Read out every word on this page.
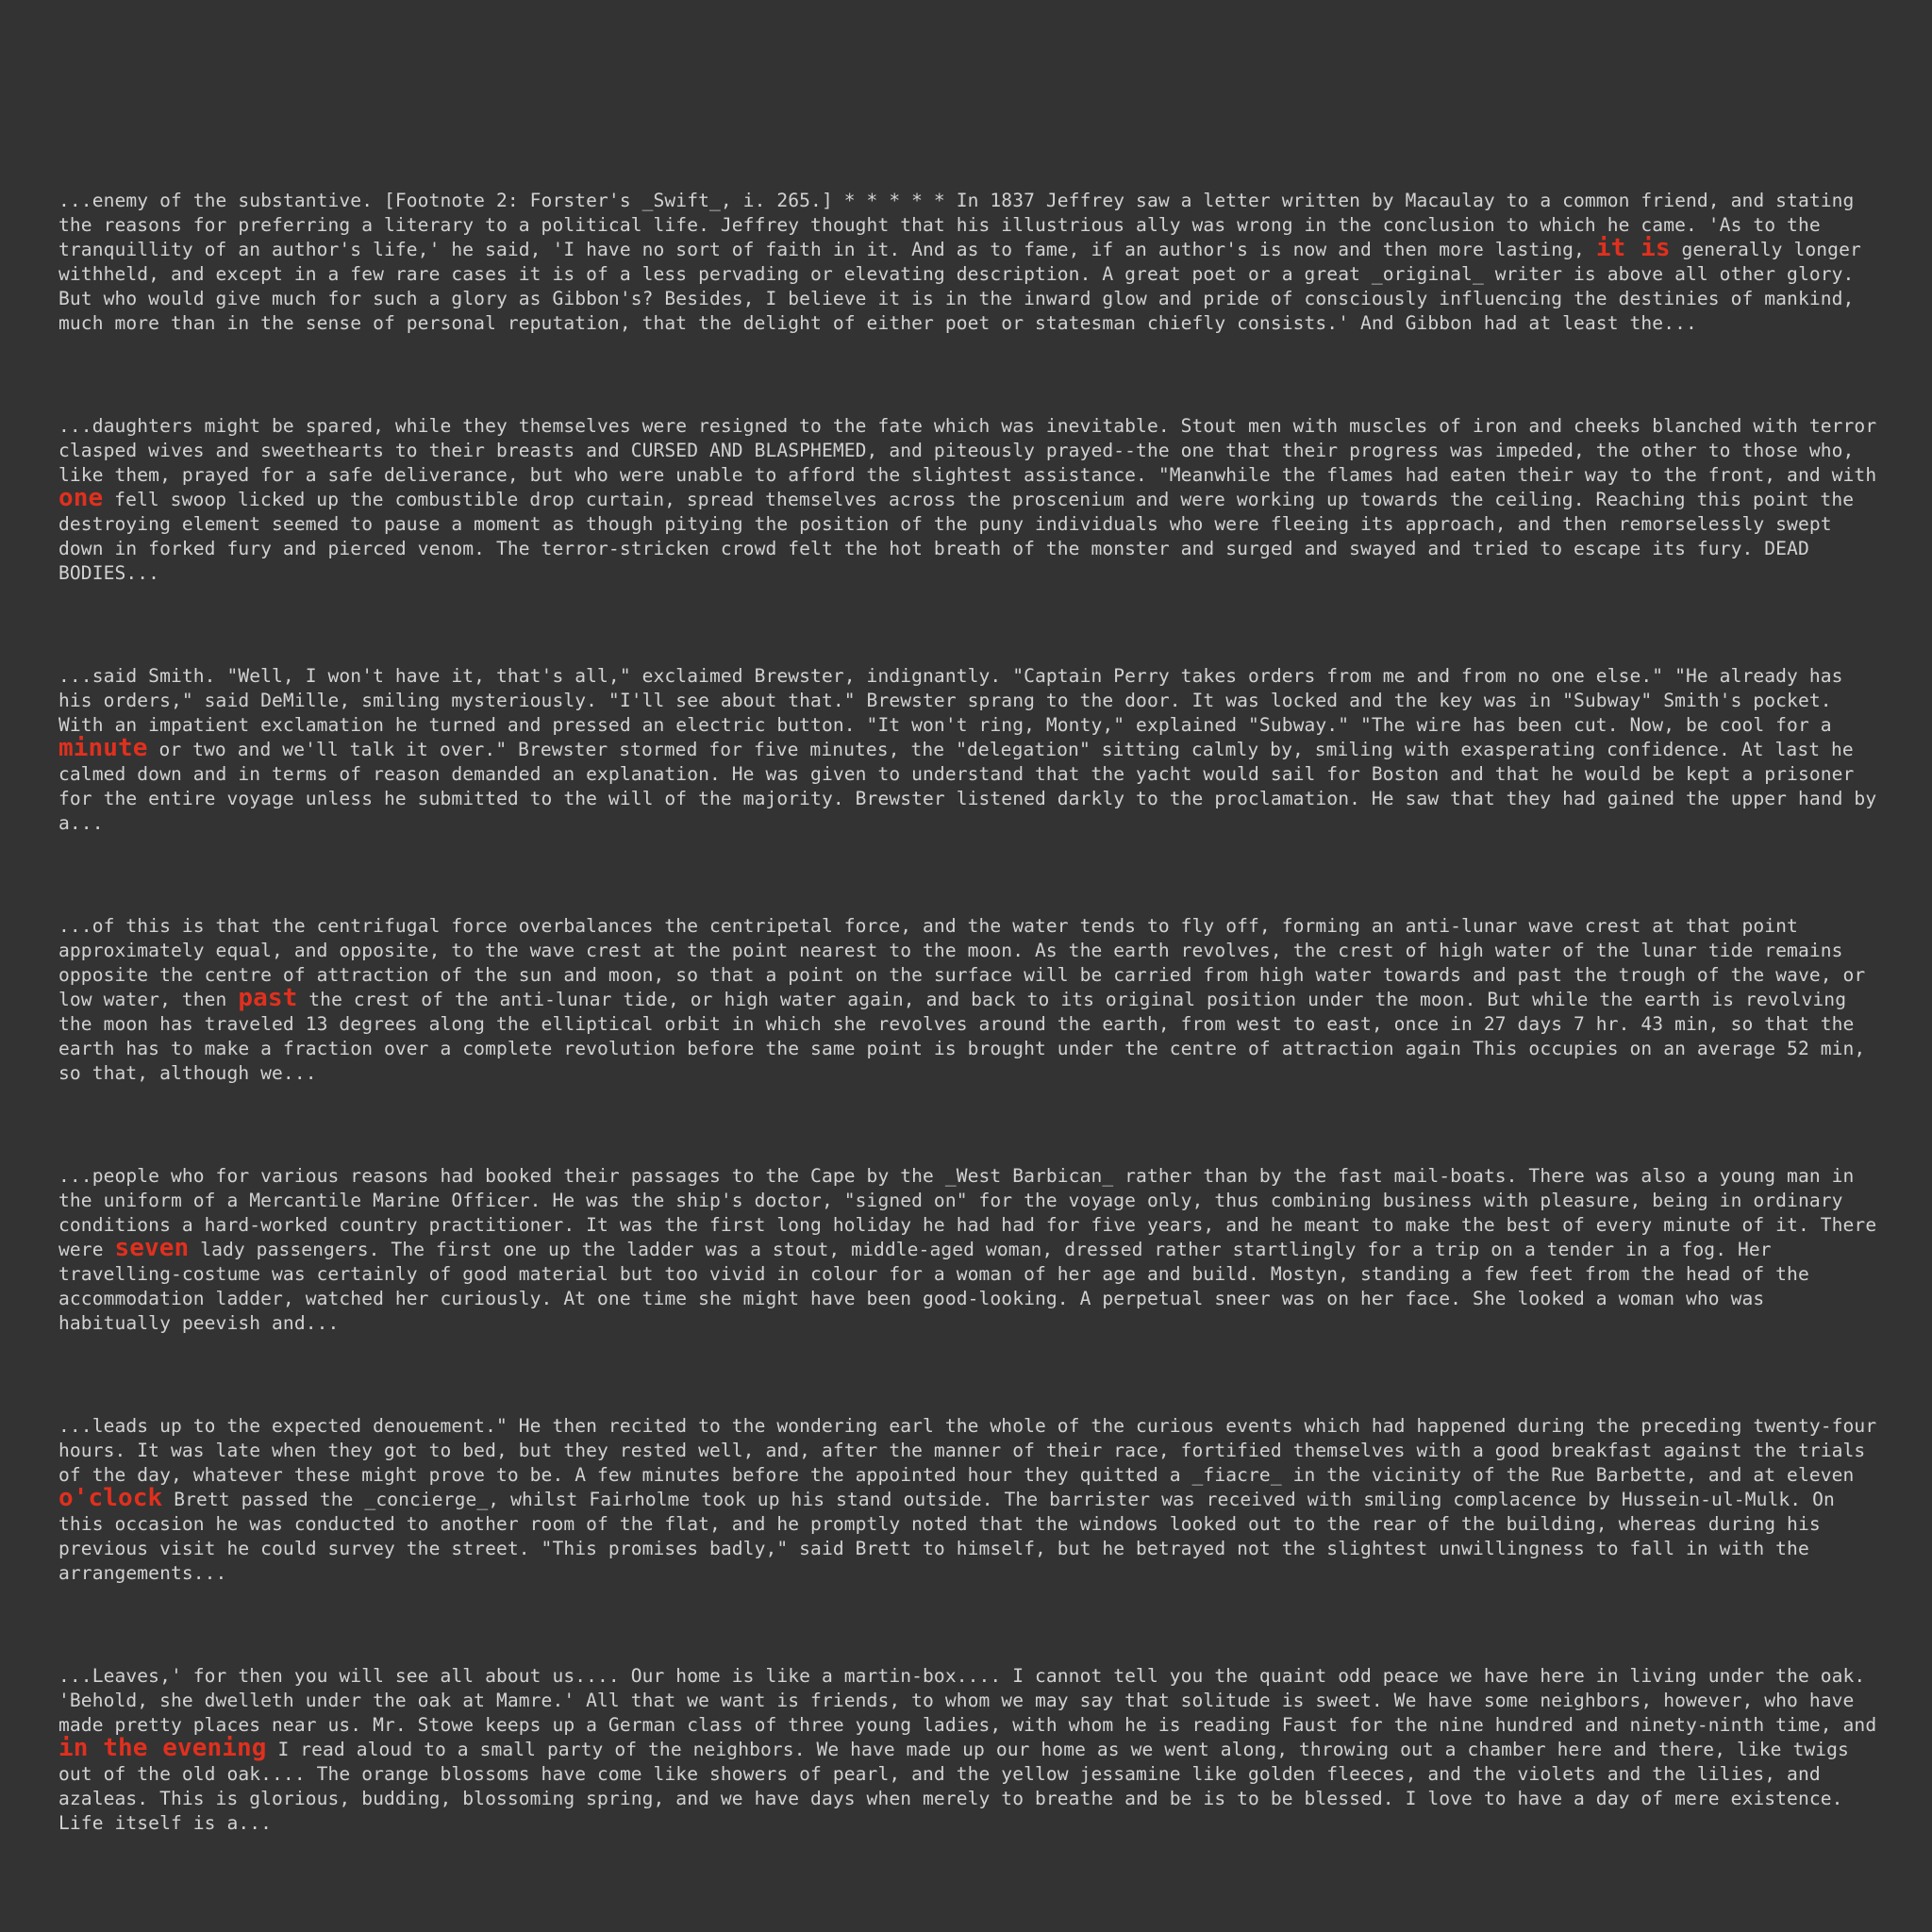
...enemy of the substantive. [Footnote 2: Forster's _Swift_, i. 265.] * * * * * In 1837 Jeffrey saw a letter written by Macaulay to a common friend, and stating the reasons for preferring a literary to a political life. Jeffrey thought that his illustrious ally was wrong in the conclusion to which he came. 'As to the tranquillity of an author's life,' he said, 'I have no sort of faith in it. And as to fame, if an author's is now and then more lasting, it is generally longer withheld, and except in a few rare cases it is of a less pervading or elevating description. A great poet or a great _original_ writer is above all other glory. But who would give much for such a glory as Gibbon's? Besides, I believe it is in the inward glow and pride of consciously influencing the destinies of mankind, much more than in the sense of personal reputation, that the delight of either poet or statesman chiefly consists.' And Gibbon had at least the...

...daughters might be spared, while they themselves were resigned to the fate which was inevitable. Stout men with muscles of iron and cheeks blanched with terror clasped wives and sweethearts to their breasts and CURSED AND BLASPHEMED, and piteously prayed--the one that their progress was impeded, the other to those who, like them, prayed for a safe deliverance, but who were unable to afford the slightest assistance. "Meanwhile the flames had eaten their way to the front, and with one fell swoop licked up the combustible drop curtain, spread themselves across the proscenium and were working up towards the ceiling. Reaching this point the destroying element seemed to pause a moment as though pitying the position of the puny individuals who were fleeing its approach, and then remorselessly swept down in forked fury and pierced venom. The terror-stricken crowd felt the hot breath of the monster and surged and swayed and tried to escape its fury. DEAD BODIES...

...said Smith. "Well, I won't have it, that's all," exclaimed Brewster, indignantly. "Captain Perry takes orders from me and from no one else." "He already has his orders," said DeMille, smiling mysteriously. "I'll see about that." Brewster sprang to the door. It was locked and the key was in "Subway" Smith's pocket. With an impatient exclamation he turned and pressed an electric button. "It won't ring, Monty," explained "Subway." "The wire has been cut. Now, be cool for a minute or two and we'll talk it over." Brewster stormed for five minutes, the "delegation" sitting calmly by, smiling with exasperating confidence. At last he calmed down and in terms of reason demanded an explanation. He was given to understand that the yacht would sail for Boston and that he would be kept a prisoner for the entire voyage unless he submitted to the will of the majority. Brewster listened darkly to the proclamation. He saw that they had gained the upper hand by a...

...of this is that the centrifugal force overbalances the centripetal force, and the water tends to fly off, forming an anti-lunar wave crest at that point approximately equal, and opposite, to the wave crest at the point nearest to the moon. As the earth revolves, the crest of high water of the lunar tide remains opposite the centre of attraction of the sun and moon, so that a point on the surface will be carried from high water towards and past the trough of the wave, or low water, then past the crest of the anti-lunar tide, or high water again, and back to its original position under the moon. But while the earth is revolving the moon has traveled 13 degrees along the elliptical orbit in which she revolves around the earth, from west to east, once in 27 days 7 hr. 43 min, so that the earth has to make a fraction over a complete revolution before the same point is brought under the centre of attraction again This occupies on an average 52 min, so that, although we...

...people who for various reasons had booked their passages to the Cape by the _West Barbican_ rather than by the fast mail-boats. There was also a young man in the uniform of a Mercantile Marine Officer. He was the ship's doctor, "signed on" for the voyage only, thus combining business with pleasure, being in ordinary conditions a hard-worked country practitioner. It was the first long holiday he had had for five years, and he meant to make the best of every minute of it. There were seven lady passengers. The first one up the ladder was a stout, middle-aged woman, dressed rather startlingly for a trip on a tender in a fog. Her travelling-costume was certainly of good material but too vivid in colour for a woman of her age and build. Mostyn, standing a few feet from the head of the accommodation ladder, watched her curiously. At one time she might have been good-looking. A perpetual sneer was on her face. She looked a woman who was habitually peevish and...

...leads up to the expected denouement." He then recited to the wondering earl the whole of the curious events which had happened during the preceding twenty-four hours. It was late when they got to bed, but they rested well, and, after the manner of their race, fortified themselves with a good breakfast against the trials of the day, whatever these might prove to be. A few minutes before the appointed hour they quitted a _fiacre_ in the vicinity of the Rue Barbette, and at eleven o'clock Brett passed the _concierge_, whilst Fairholme took up his stand outside. The barrister was received with smiling complacence by Hussein-ul-Mulk. On this occasion he was conducted to another room of the flat, and he promptly noted that the windows looked out to the rear of the building, whereas during his previous visit he could survey the street. "This promises badly," said Brett to himself, but he betrayed not the slightest unwillingness to fall in with the arrangements...

...Leaves,' for then you will see all about us.... Our home is like a martin-box.... I cannot tell you the quaint odd peace we have here in living under the oak. 'Behold, she dwelleth under the oak at Mamre.' All that we want is friends, to whom we may say that solitude is sweet. We have some neighbors, however, who have made pretty places near us. Mr. Stowe keeps up a German class of three young ladies, with whom he is reading Faust for the nine hundred and ninety-ninth time, and in the evening I read aloud to a small party of the neighbors. We have made up our home as we went along, throwing out a chamber here and there, like twigs out of the old oak.... The orange blossoms have come like showers of pearl, and the yellow jessamine like golden fleeces, and the violets and the lilies, and azaleas. This is glorious, budding, blossoming spring, and we have days when merely to breathe and be is to be blessed. I love to have a day of mere existence. Life itself is a...
